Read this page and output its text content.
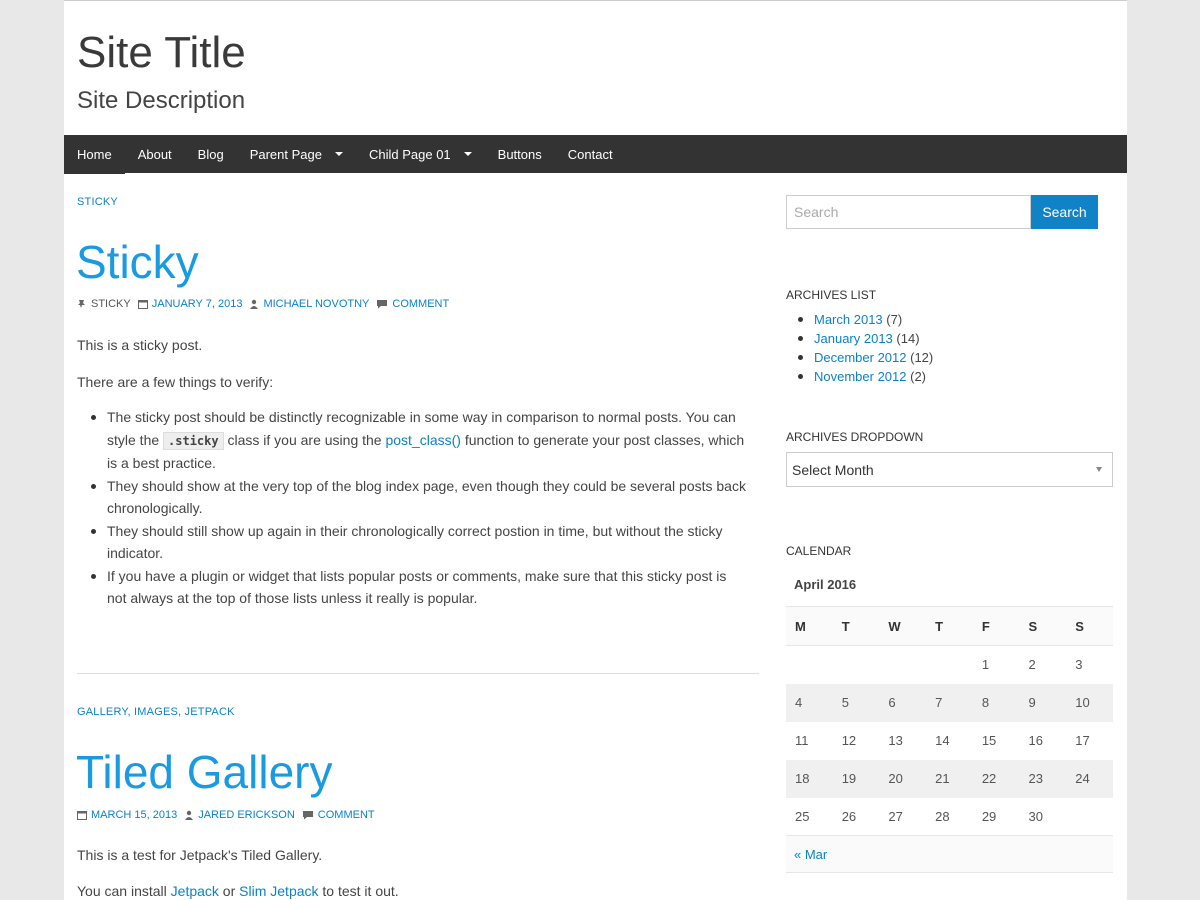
Site Title
Site Description
Home About Blog Parent Page	Child Page 01	Buttons Contact
STICKY
Sticky
STICKY JANUARY 7, 2013 MICHAEL NOVOTNY COMMENT
This is a sticky post.
There are a few things to verify:
The sticky post should be distinctly recognizable in some way in comparison to normal posts. You can style the .sticky class if you are using the post_class() function to generate your post classes, which is a best practice.
They should show at the very top of the blog index page, even though they could be several posts back chronologically.
They should still show up again in their chronologically correct postion in time, but without the sticky indicator.
If you have a plugin or widget that lists popular posts or comments, make sure that this sticky post is not always at the top of those lists unless it really is popular.
GALLERY, IMAGES, JETPACK
Tiled Gallery
MARCH 15, 2013 JARED ERICKSON COMMENT
This is a test for Jetpack's Tiled Gallery.
You can install Jetpack or Slim Jetpack to test it out.
Search
Search
ARCHIVES LIST
March 2013 (7)
January 2013 (14)
December 2012 (12)
November 2012 (2)
ARCHIVES DROPDOWN
Select Month
CALENDAR
April 2016
M	T	W	T	F	S	S
				1	2	3
4	5	6	7	8	9	10
11	12	13	14	15	16	17
18	19	20	21	22	23	24
25	26	27	28	29	30	
« Mar
